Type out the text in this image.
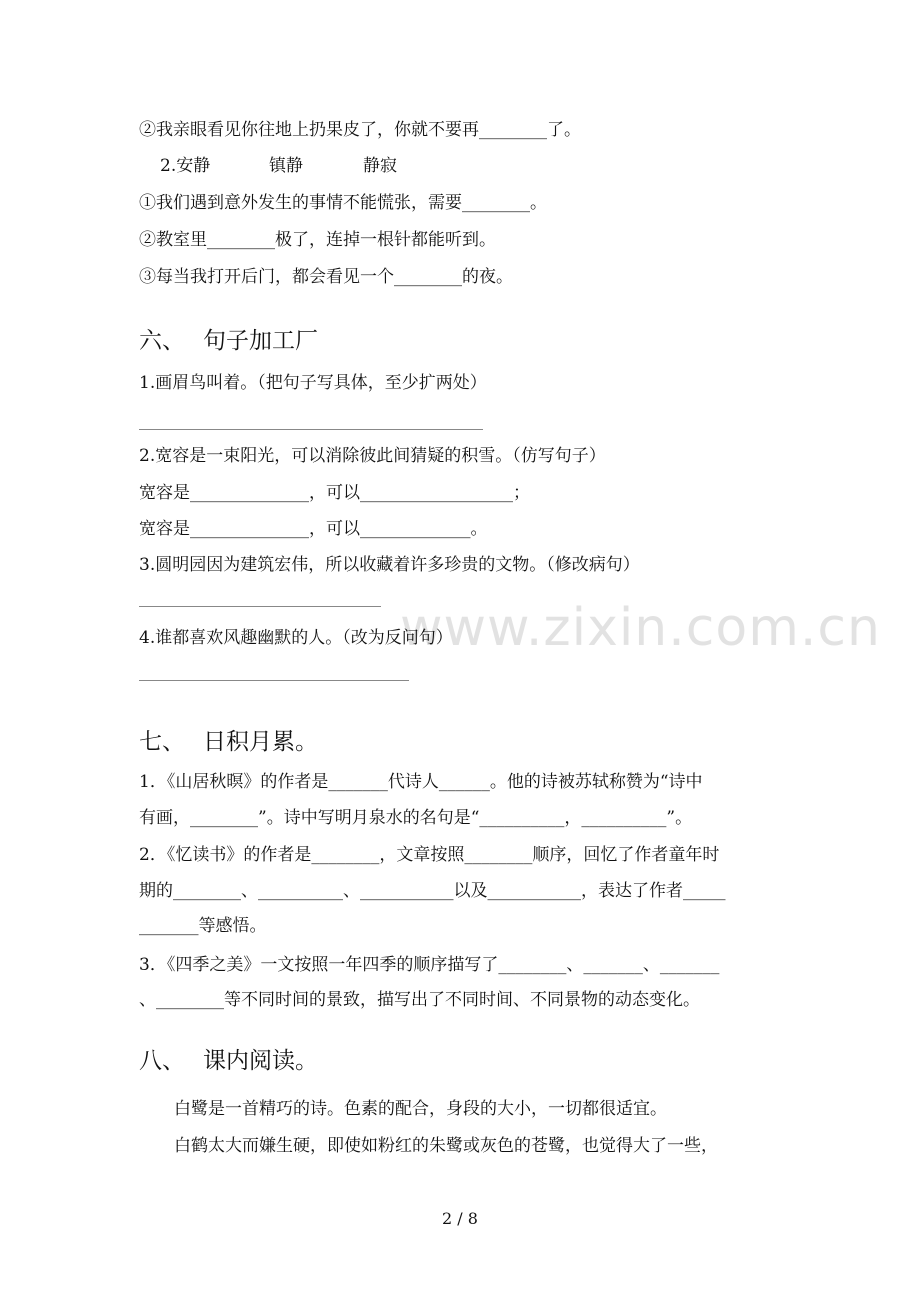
www.zixin.com.cn
②我亲眼看见你往地上扔果皮了，你就不要再________了。
2.安静	镇静	静寂
①我们遇到意外发生的事情不能慌张，需要________。
②教室里________极了，连掉一根针都能听到。
③每当我打开后门，都会看见一个________的夜。
六、 句子加工厂
1.画眉鸟叫着。（把句子写具体，至少扩两处）
2.宽容是一束阳光，可以消除彼此间猜疑的积雪。（仿写句子）
宽容是______________，可以__________________；
宽容是______________，可以_____________。
3.圆明园因为建筑宏伟，所以收藏着许多珍贵的文物。（修改病句）
4.谁都喜欢风趣幽默的人。（改为反问句）
七、 日积月累。
1．《山居秋暝》的作者是_______代诗人______。他的诗被苏轼称赞为“诗中
有画，________”。诗中写明月泉水的名句是“__________，__________”。
2．《忆读书》的作者是________，文章按照________顺序，回忆了作者童年时
期的________、__________、___________以及___________，表达了作者_____
_______等感悟。
3．《四季之美》一文按照一年四季的顺序描写了________、_______、_______
、________等不同时间的景致，描写出了不同时间、不同景物的动态变化。
八、 课内阅读。
白鹭是一首精巧的诗。色素的配合，身段的大小，一切都很适宜。
白鹤太大而嫌生硬，即使如粉红的朱鹭或灰色的苍鹭，也觉得大了一些，
2 / 8
